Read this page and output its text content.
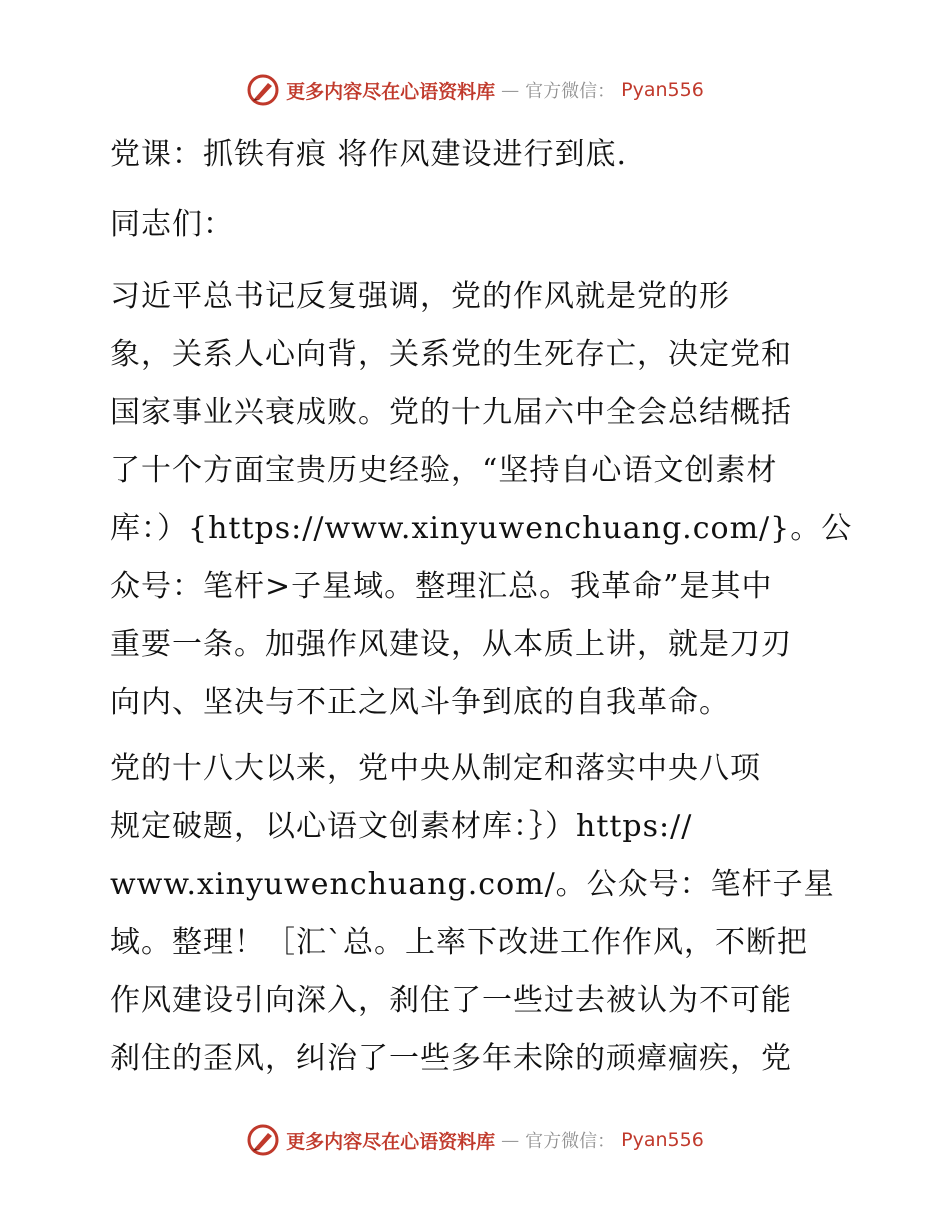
更多内容尽在心语资料库 — 官方微信： Pyan556

党课：抓铁有痕 将作风建设进行到底.

同志们：

习近平总书记反复强调，党的作风就是党的形
象，关系人心向背，关系党的生死存亡，决定党和
国家事业兴衰成败。党的十九届六中全会总结概括
了十个方面宝贵历史经验，“坚持自心语文创素材
库：）{https://www.xinyuwenchuang.com/}。公
众号：笔杆>子星域。整理汇总。我革命”是其中
重要一条。加强作风建设，从本质上讲，就是刀刃
向内、坚决与不正之风斗争到底的自我革命。

党的十八大以来，党中央从制定和落实中央八项
规定破题，以心语文创素材库：｝）https://
www.xinyuwenchuang.com/。公众号：笔杆子星
域。整理！［汇`总。上率下改进工作作风，不断把
作风建设引向深入，刹住了一些过去被认为不可能
刹住的歪风，纠治了一些多年未除的顽瘴痼疾，党

更多内容尽在心语资料库 — 官方微信： Pyan556
